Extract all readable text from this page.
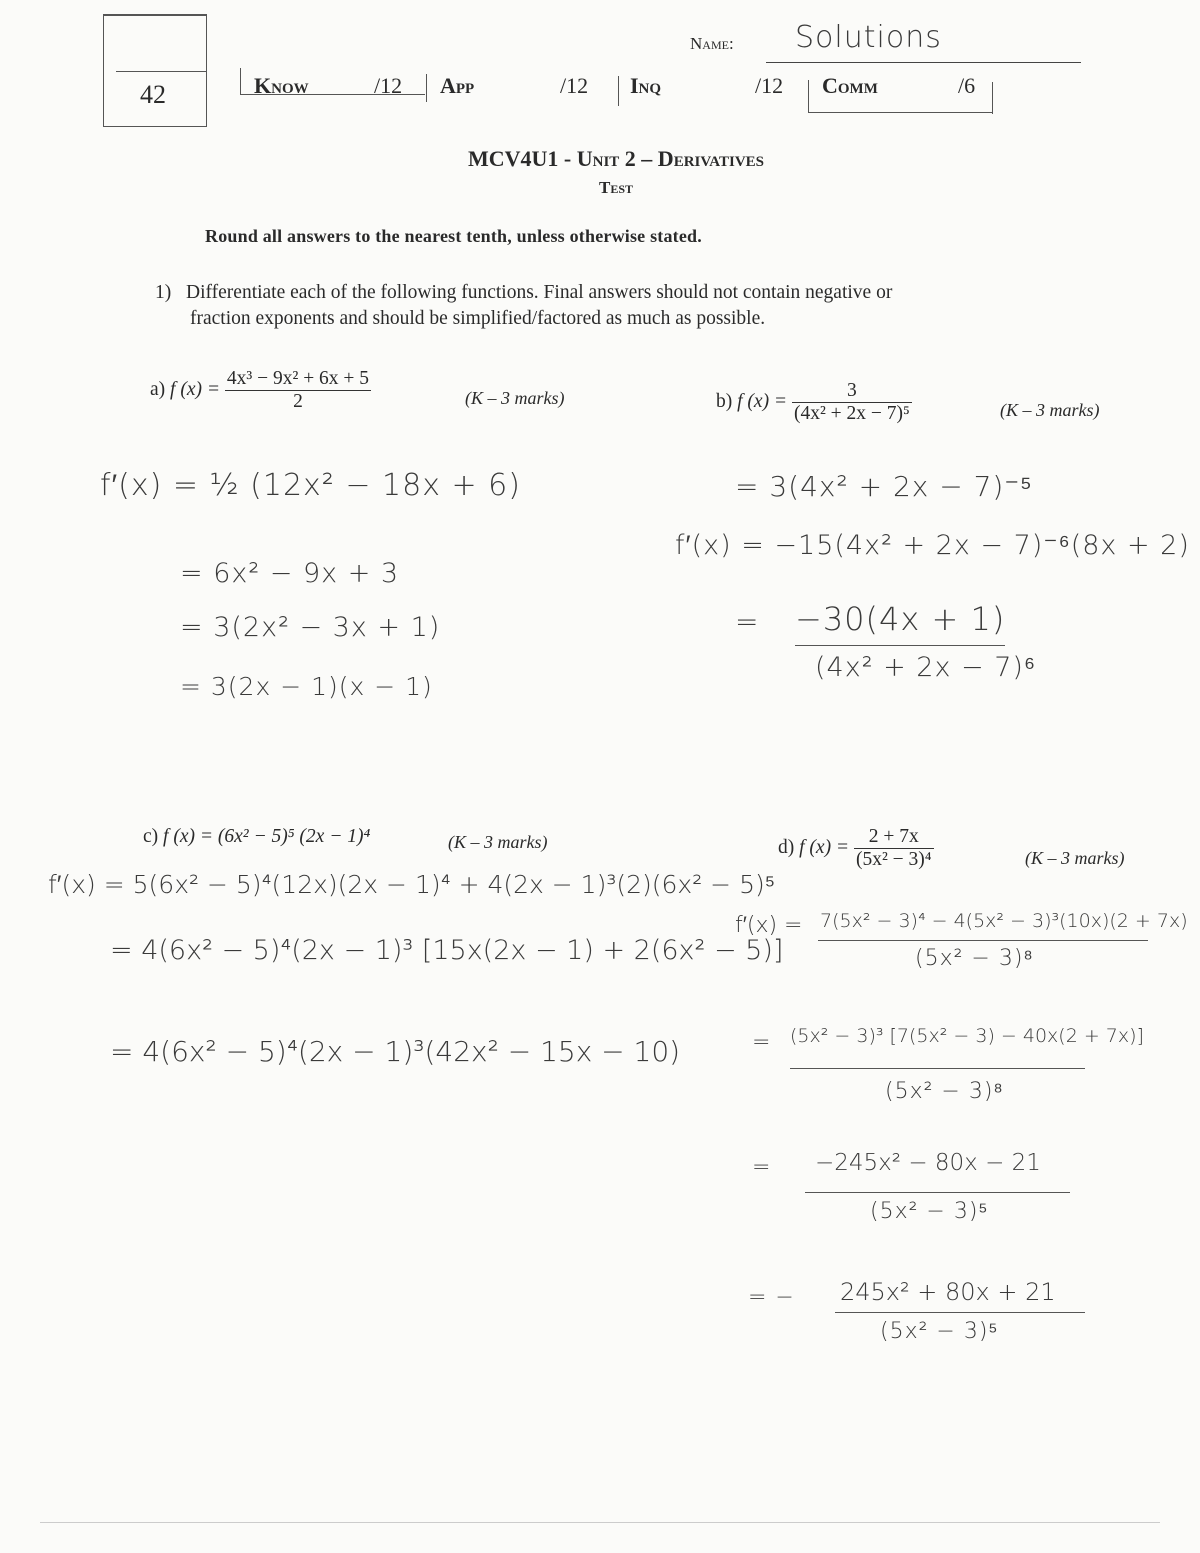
42
Name: Solutions
Know	/12 App	/12 Inq	/12 Comm	/6
MCV4U1 - Unit 2 – Derivatives
Test
Round all answers to the nearest tenth, unless otherwise stated.
1) Differentiate each of the following functions. Final answers should not contain negative or
fraction exponents and should be simplified/factored as much as possible.
a) f $(x) = \frac{\text{4x³ − 9x² + 6x + 5}}{2}$	(K – 3 marks)
f′(x) = ½ (12x² − 18x + 6)
= 6x² − 9x + 3
= 3(2x² − 3x + 1)
= 3(2x − 1)(x − 1)
b) f $(x) = \frac{3}{\text{(4x² + 2x − 7)⁵}}$	(K – 3 marks)
= 3(4x² + 2x − 7)⁻⁵
f′(x) = −15(4x² + 2x − 7)⁻⁶(8x + 2)
= −30(4x + 1)
(4x² + 2x − 7)⁶
c) f (x) = (6x² − 5)⁵ (2x − 1)⁴	(K – 3 marks)
f′(x) = 5(6x² − 5)⁴(12x)(2x − 1)⁴ + 4(2x − 1)³(2)(6x² − 5)⁵
= 4(6x² − 5)⁴(2x − 1)³ [15x(2x − 1) + 2(6x² − 5)]
= 4(6x² − 5)⁴(2x − 1)³(42x² − 15x − 10)
d) f $(x) = \frac{2 + 7x}{\text{(5x² − 3)⁴}}$	(K – 3 marks)
f′(x) = 7(5x² − 3)⁴ − 4(5x² − 3)³(10x)(2 + 7x)
(5x² − 3)⁸
= (5x² − 3)³ [7(5x² − 3) − 40x(2 + 7x)]
(5x² − 3)⁸
= −245x² − 80x − 21
(5x² − 3)⁵
= − 245x² + 80x + 21
(5x² − 3)⁵
